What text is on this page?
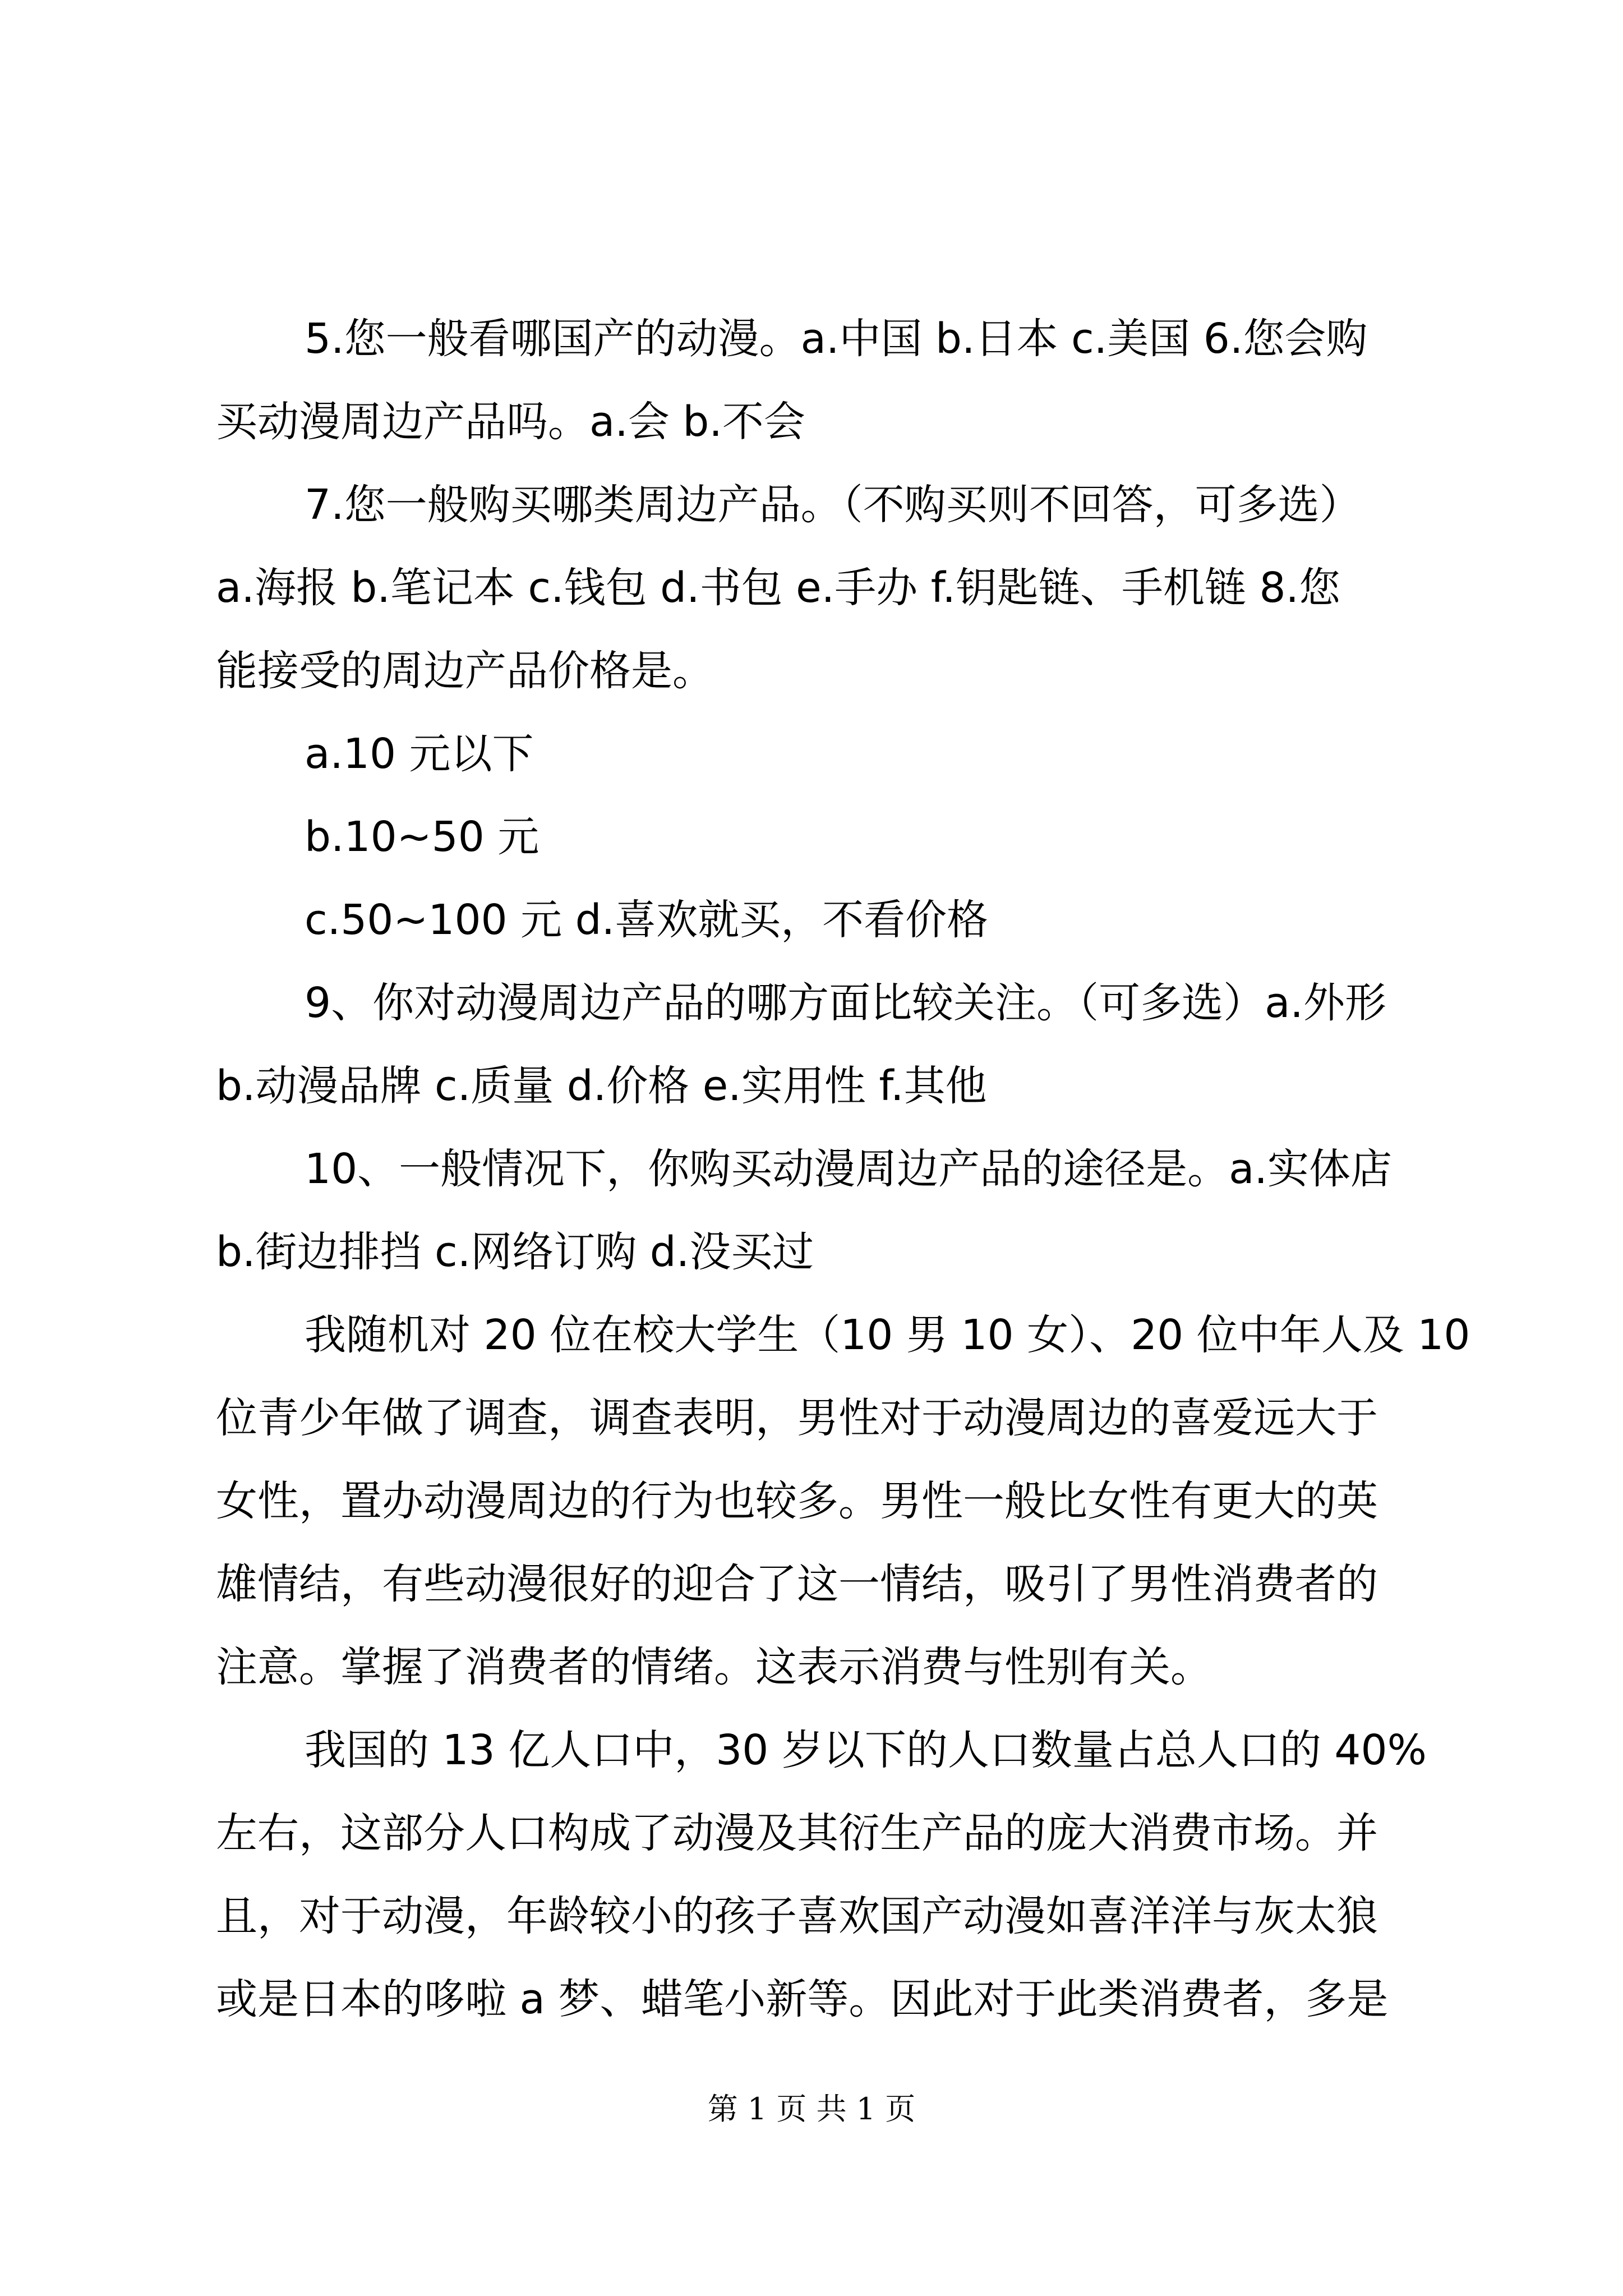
5.您一般看哪国产的动漫。a.中国 b.日本 c.美国 6.您会购
买动漫周边产品吗。a.会 b.不会
7.您一般购买哪类周边产品。（不购买则不回答，可多选）
a.海报 b.笔记本 c.钱包 d.书包 e.手办 f.钥匙链、手机链 8.您
能接受的周边产品价格是。
a.10 元以下
b.10~50 元
c.50~100 元 d.喜欢就买，不看价格
9、你对动漫周边产品的哪方面比较关注。（可多选）a.外形
b.动漫品牌 c.质量 d.价格 e.实用性 f.其他
10、一般情况下，你购买动漫周边产品的途径是。a.实体店
b.街边排挡 c.网络订购 d.没买过
我随机对 20 位在校大学生（10 男 10 女）、20 位中年人及 10
位青少年做了调查，调查表明，男性对于动漫周边的喜爱远大于
女性，置办动漫周边的行为也较多。男性一般比女性有更大的英
雄情结，有些动漫很好的迎合了这一情结，吸引了男性消费者的
注意。掌握了消费者的情绪。这表示消费与性别有关。
我国的 13 亿人口中，30 岁以下的人口数量占总人口的 40%
左右，这部分人口构成了动漫及其衍生产品的庞大消费市场。并
且，对于动漫，年龄较小的孩子喜欢国产动漫如喜洋洋与灰太狼
或是日本的哆啦 a 梦、蜡笔小新等。因此对于此类消费者，多是
第 1 页 共 1 页
